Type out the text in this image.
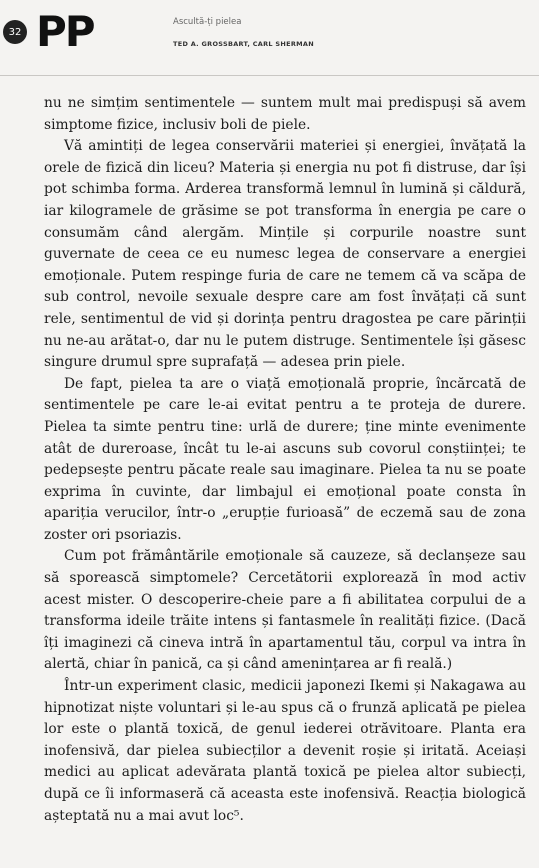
32 PP	Ascultă-ți pielea
TED A. GROSSBART, CARL SHERMAN

nu ne simțim sentimentele — suntem mult mai predispuși să avem simptome fizice, inclusiv boli de piele.

Vă amintiți de legea conservării materiei și energiei, învățată la orele de fizică din liceu? Materia și energia nu pot fi distruse, dar își pot schimba forma. Arderea transformă lemnul în lumină și căldură, iar kilogramele de grăsime se pot transforma în energia pe care o consumăm când alergăm. Mințile și corpurile noastre sunt guvernate de ceea ce eu numesc legea de conservare a energiei emoționale. Putem respinge furia de care ne temem că va scăpa de sub control, nevoile sexuale despre care am fost învățați că sunt rele, sentimentul de vid și dorința pentru dragostea pe care părinții nu ne-au arătat-o, dar nu le putem distruge. Sentimentele își găsesc singure drumul spre suprafață — adesea prin piele.

De fapt, pielea ta are o viață emoțională proprie, încărcată de sentimentele pe care le-ai evitat pentru a te proteja de durere. Pielea ta simte pentru tine: urlă de durere; ține minte evenimente atât de dureroase, încât tu le-ai ascuns sub covorul conștiinței; te pedepsește pentru păcate reale sau imaginare. Pielea ta nu se poate exprima în cuvinte, dar limbajul ei emoțional poate consta în apariția verucilor, într-o „erupție furioasă” de eczemă sau de zona zoster ori psoriazis.

Cum pot frământările emoționale să cauzeze, să declanșeze sau să sporească simptomele? Cercetătorii explorează în mod activ acest mister. O descoperire-cheie pare a fi abilitatea corpului de a transforma ideile trăite intens și fantasmele în realități fizice. (Dacă îți imaginezi că cineva intră în apartamentul tău, corpul va intra în alertă, chiar în panică, ca și când amenințarea ar fi reală.)

Într-un experiment clasic, medicii japonezi Ikemi și Nakagawa au hipnotizat niște voluntari și le-au spus că o frunză aplicată pe pielea lor este o plantă toxică, de genul iederei otrăvitoare. Planta era inofensivă, dar pielea subiecților a devenit roșie și iritată. Aceiași medici au aplicat adevărata plantă toxică pe pielea altor subiecți, după ce îi informaseră că aceasta este inofensivă. Reacția biologică așteptată nu a mai avut loc⁵.
